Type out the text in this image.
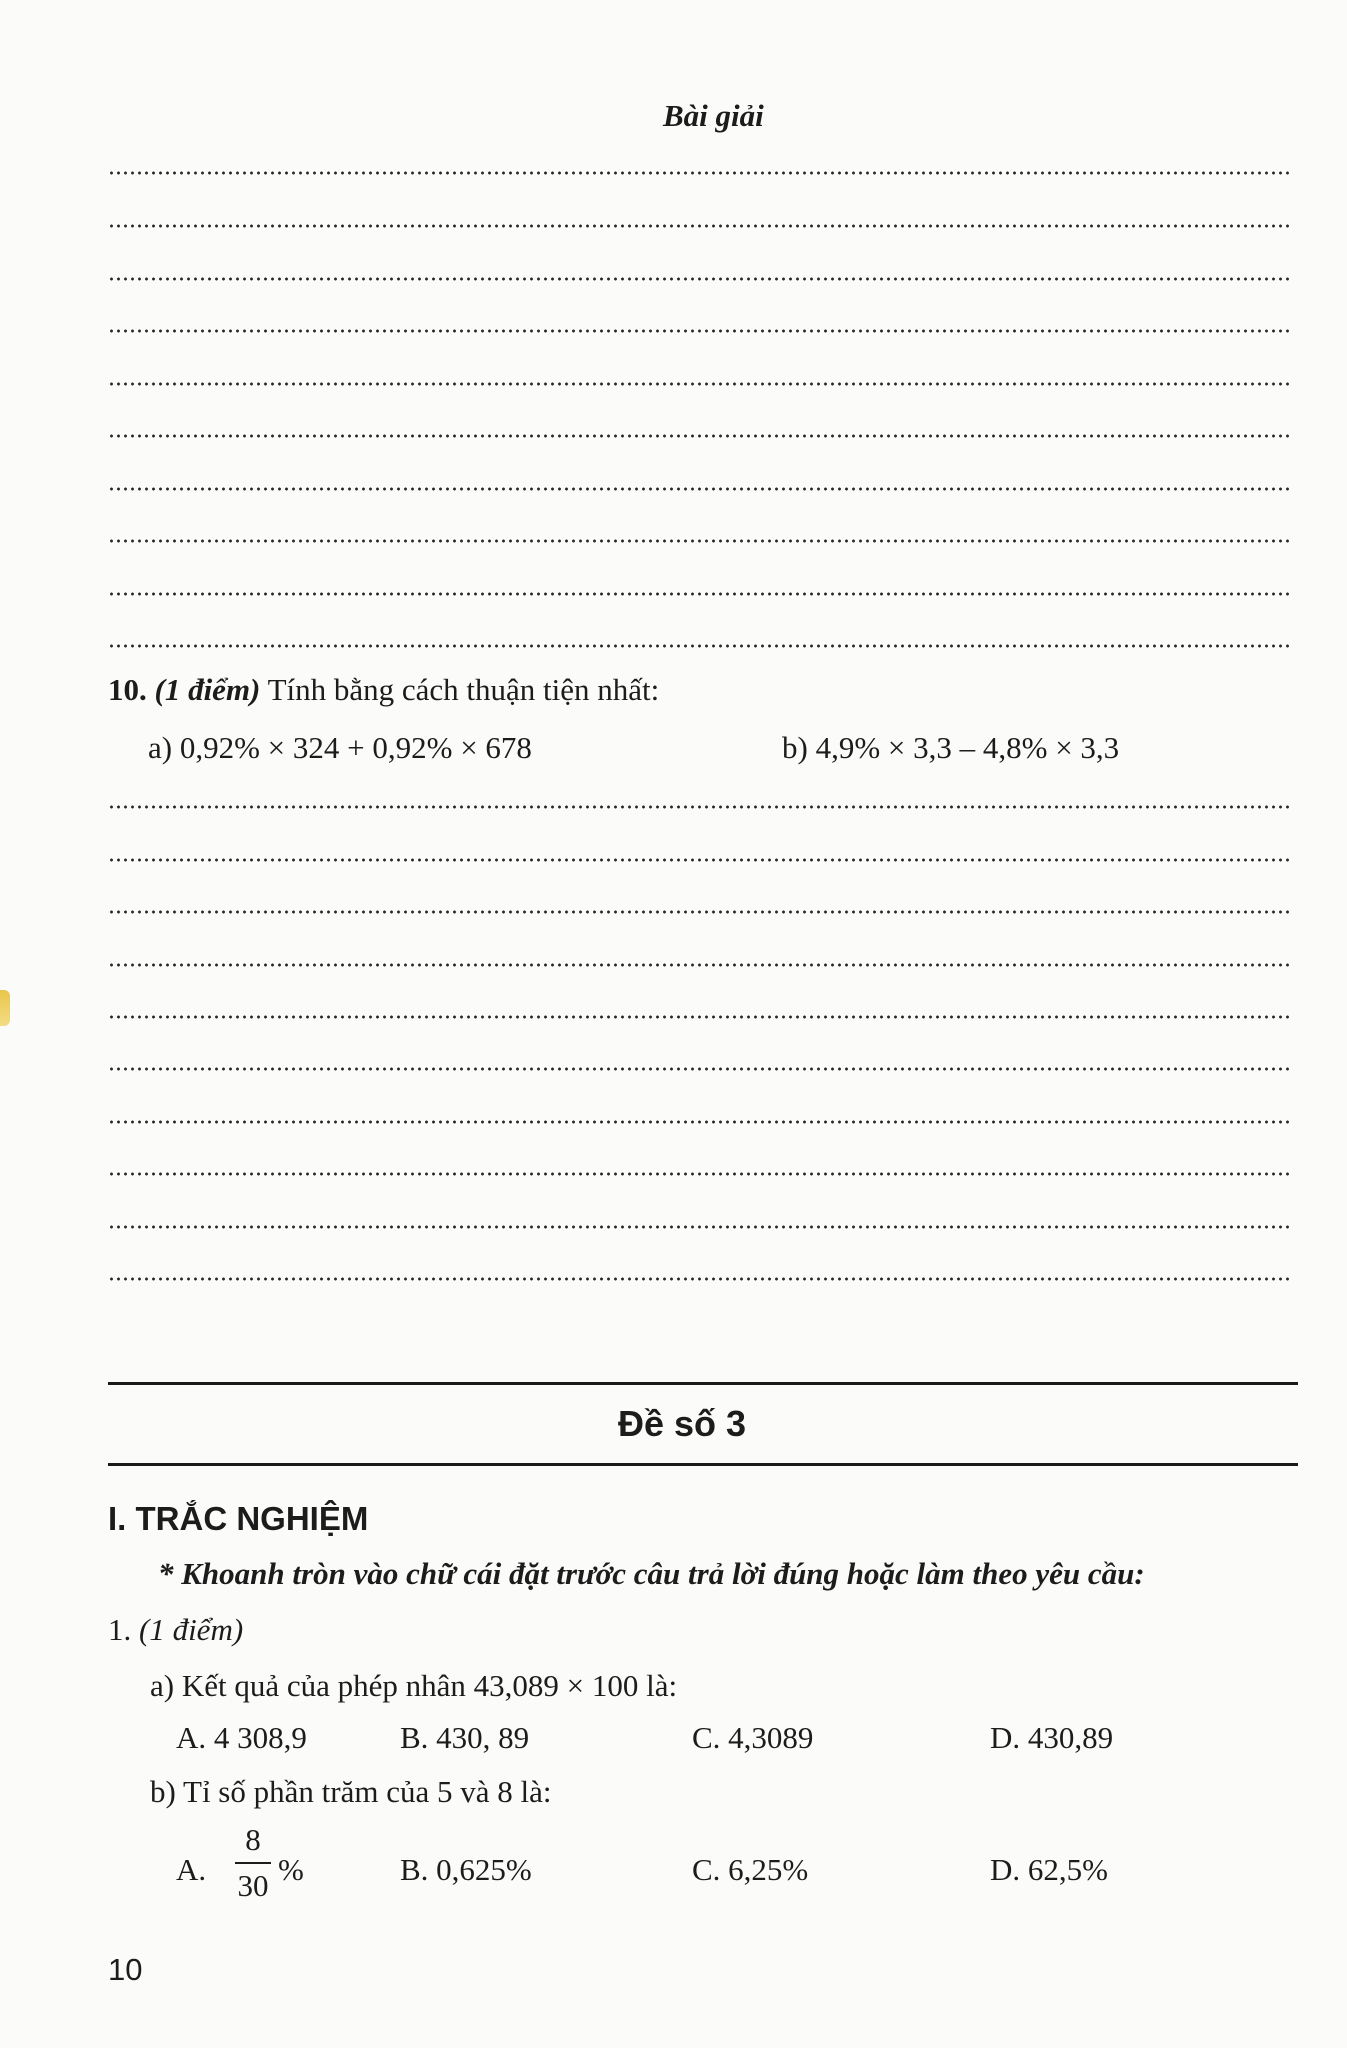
Bài giải
10. (1 điểm) Tính bằng cách thuận tiện nhất:
a) 0,92% × 324 + 0,92% × 678	b) 4,9% × 3,3 – 4,8% × 3,3
Đề số 3
I. TRẮC NGHIỆM
* Khoanh tròn vào chữ cái đặt trước câu trả lời đúng hoặc làm theo yêu cầu:
1. (1 điểm)
a) Kết quả của phép nhân 43,089 × 100 là:
A. 4 308,9	B. 430, 89	C. 4,3089	D. 430,89
b) Tỉ số phần trăm của 5 và 8 là:
A.
8
30 %	B. 0,625%	C. 6,25%	D. 62,5%
10
